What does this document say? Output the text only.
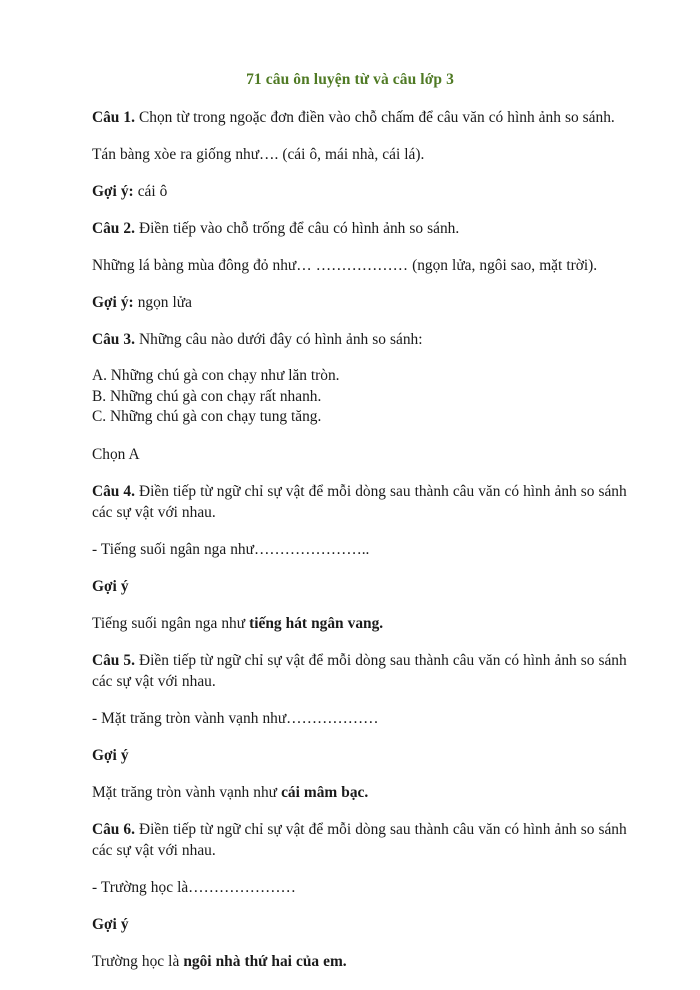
71 câu ôn luyện từ và câu lớp 3

Câu 1. Chọn từ trong ngoặc đơn điền vào chỗ chấm để câu văn có hình ảnh so sánh.

Tán bàng xòe ra giống như…. (cái ô, mái nhà, cái lá).

Gợi ý: cái ô

Câu 2. Điền tiếp vào chỗ trống để câu có hình ảnh so sánh.

Những lá bàng mùa đông đỏ như… ……………… (ngọn lửa, ngôi sao, mặt trời).

Gợi ý: ngọn lửa

Câu 3. Những câu nào dưới đây có hình ảnh so sánh:

A. Những chú gà con chạy như lăn tròn.
B. Những chú gà con chạy rất nhanh.
C. Những chú gà con chạy tung tăng.

Chọn A

Câu 4. Điền tiếp từ ngữ chỉ sự vật để mỗi dòng sau thành câu văn có hình ảnh so sánh các sự vật với nhau.

- Tiếng suối ngân nga như…………………..

Gợi ý

Tiếng suối ngân nga như tiếng hát ngân vang.

Câu 5. Điền tiếp từ ngữ chỉ sự vật để mỗi dòng sau thành câu văn có hình ảnh so sánh các sự vật với nhau.

- Mặt trăng tròn vành vạnh như………………

Gợi ý

Mặt trăng tròn vành vạnh như cái mâm bạc.

Câu 6. Điền tiếp từ ngữ chỉ sự vật để mỗi dòng sau thành câu văn có hình ảnh so sánh các sự vật với nhau.

- Trường học là…………………

Gợi ý

Trường học là ngôi nhà thứ hai của em.
